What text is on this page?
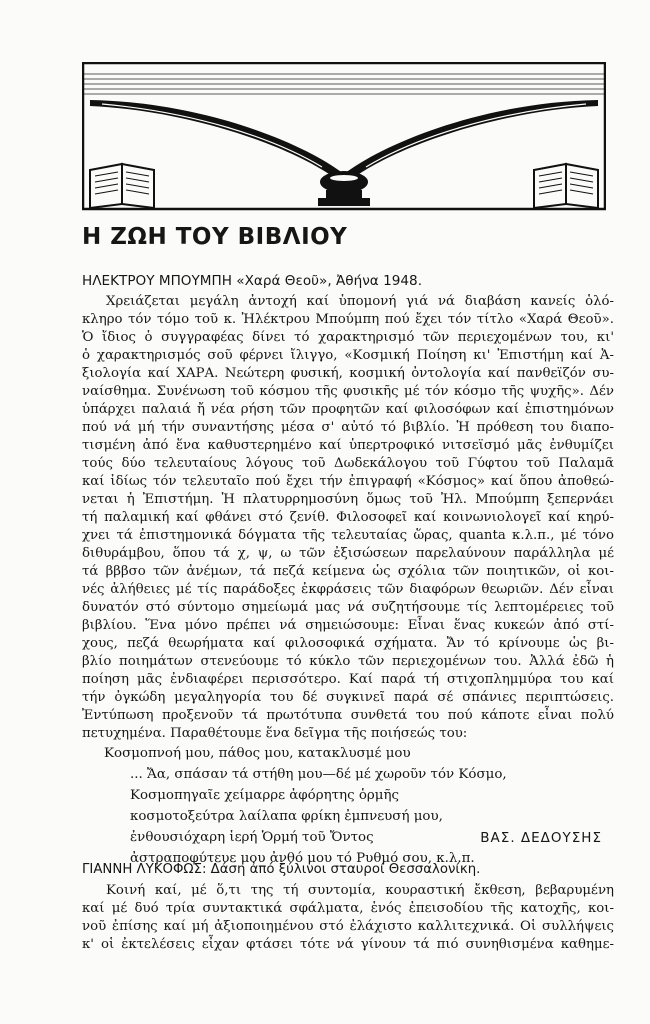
Η ΖΩΗ ΤΟΥ ΒΙΒΛΙΟΥ
ΗΛΕΚΤΡΟΥ ΜΠΟΥΜΠΗ «Χαρά Θεοῦ», Ἀθήνα 1948.
Χρειάζεται μεγάλη ἀντοχή καί ὑπομονή γιά νά διαβάση κανείς ὁλό-
κληρο τόν τόμο τοῦ κ. Ἠλέκτρου Μπούμπη πού ἔχει τόν τίτλο «Χαρά Θεοῦ».
Ὁ ἴδιος ὁ συγγραφέας δίνει τό χαρακτηρισμό τῶν περιεχομένων του, κι'
ὁ χαρακτηρισμός σοῦ φέρνει ἴλιγγο, «Κοσμική Ποίηση κι' Ἐπιστήμη καί Ἀ-
ξιολογία καί ΧΑΡΑ. Νεώτερη φυσική, κοσμική ὀντολογία καί πανθεϊζόν συ-
ναίσθημα. Συνένωση τοῦ κόσμου τῆς φυσικῆς μέ τόν κόσμο τῆς ψυχῆς». Δέν
ὑπάρχει παλαιά ἤ νέα ρήση τῶν προφητῶν καί φιλοσόφων καί ἐπιστημόνων
πού νά μή τήν συναντήσης μέσα σ' αὐτό τό βιβλίο. Ἡ πρόθεση του διαπο-
τισμένη ἀπό ἕνα καθυστερημένο καί ὑπερτροφικό νιτσεϊσμό μᾶς ἐνθυμίζει
τούς δύο τελευταίους λόγους τοῦ Δωδεκάλογου τοῦ Γύφτου τοῦ Παλαμᾶ
καί ἰδίως τόν τελευταῖο πού ἔχει τήν ἐπιγραφή «Κόσμος» καί ὅπου ἀποθεώ-
νεται ἡ Ἐπιστήμη. Ἡ πλατυρρημοσύνη ὅμως τοῦ Ἠλ. Μπούμπη ξεπερνάει
τή παλαμική καί φθάνει στό ζενίθ. Φιλοσοφεῖ καί κοινωνιολογεῖ καί κηρύ-
χνει τά ἐπιστημονικά δόγματα τῆς τελευταίας ὥρας, quanta κ.λ.π., μέ τόνο
διθυράμβου, ὅπου τά χ, ψ, ω τῶν ἐξισώσεων παρελαύνουν παράλληλα μέ
τά βββσο τῶν ἀνέμων, τά πεζά κείμενα ὡς σχόλια τῶν ποιητικῶν, οἱ κοι-
νές ἀλήθειες μέ τίς παράδοξες ἐκφράσεις τῶν διαφόρων θεωριῶν. Δέν εἶναι
δυνατόν στό σύντομο σημείωμά μας νά συζητήσουμε τίς λεπτομέρειες τοῦ
βιβλίου. Ἕνα μόνο πρέπει νά σημειώσουμε: Εἶναι ἕνας κυκεών ἀπό στί-
χους, πεζά θεωρήματα καί φιλοσοφικά σχήματα. Ἄν τό κρίνουμε ὡς βι-
βλίο ποιημάτων στενεύουμε τό κύκλο τῶν περιεχομένων του. Ἀλλά ἐδῶ ἡ
ποίηση μᾶς ἐνδιαφέρει περισσότερο. Καί παρά τή στιχοπλημμύρα του καί
τήν ὀγκώδη μεγαληγορία του δέ συγκινεῖ παρά σέ σπάνιες περιπτώσεις.
Ἐντύπωση προξενοῦν τά πρωτότυπα συνθετά του πού κάποτε εἶναι πολύ
πετυχημένα. Παραθέτουμε ἕνα δεῖγμα τῆς ποιήσεώς του:
Κοσμοπνοή μου, πάθος μου, κατακλυσμέ μου
... Ἄα, σπάσαν τά στήθη μου—δέ μέ χωροῦν τόν Κόσμο,
Κοσμοπηγαῖε χείμαρρε ἀφόρητης ὁρμῆς
κοσμοτοξεύτρα λαίλαπα φρίκη ἐμπνευσή μου,
ἐνθουσιόχαρη ἱερή Ὁρμή τοῦ Ὄντος
ἀστραποφύτευε μου ἀνθό μου τό Ρυθμό σου, κ.λ.π.
ΒΑΣ. ΔΕΔΟΥΣΗΣ
ΓΙΑΝΝΗ ΛΥΚΟΦΩΣ: Δάση ἀπό ξύλινοι σταυροί Θεσσαλονίκη.
Κοινή καί, μέ ὅ,τι της τή συντομία, κουραστική ἔκθεση, βεβαρυμένη
καί μέ δυό τρία συντακτικά σφάλματα, ἑνός ἐπεισοδίου τῆς κατοχῆς, κοι-
νοῦ ἐπίσης καί μή ἀξιοποιημένου στό ἐλάχιστο καλλιτεχνικά. Οἱ συλλήψεις
κ' οἱ ἐκτελέσεις εἶχαν φτάσει τότε νά γίνουν τά πιό συνηθισμένα καθημε-
